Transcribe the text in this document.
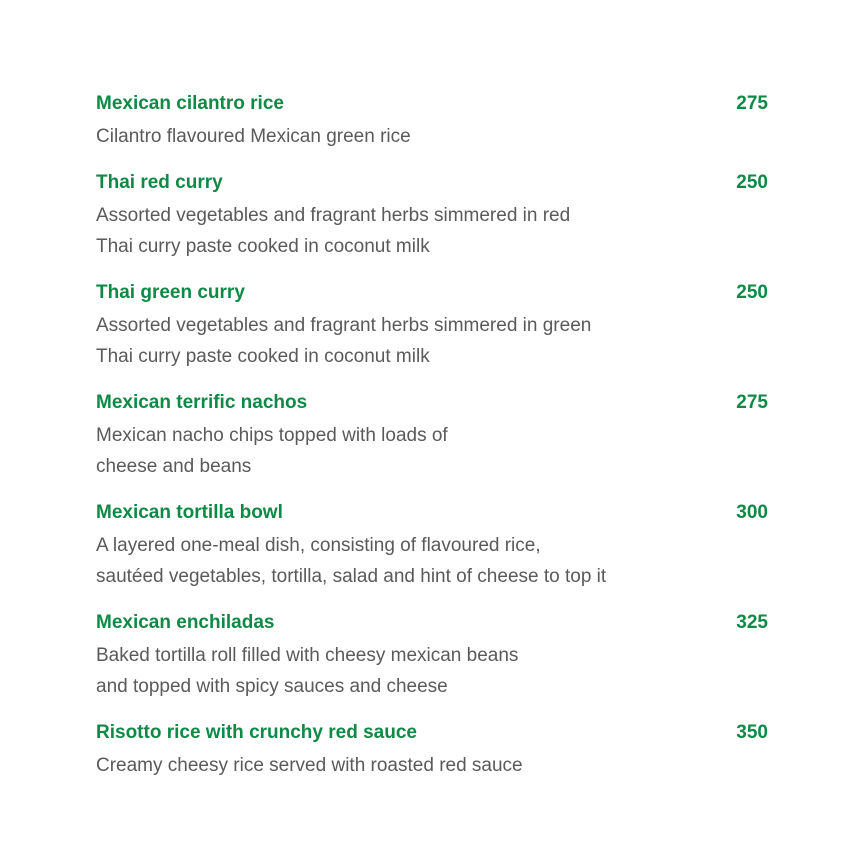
Mexican cilantro rice	275

Cilantro flavoured Mexican green rice

Thai red curry	250

Assorted vegetables and fragrant herbs simmered in red
Thai curry paste cooked in coconut milk

Thai green curry	250

Assorted vegetables and fragrant herbs simmered in green
Thai curry paste cooked in coconut milk

Mexican terrific nachos	275

Mexican nacho chips topped with loads of
cheese and beans

Mexican tortilla bowl	300

A layered one-meal dish, consisting of flavoured rice,
sautéed vegetables, tortilla, salad and hint of cheese to top it

Mexican enchiladas	325

Baked tortilla roll filled with cheesy mexican beans
and topped with spicy sauces and cheese

Risotto rice with crunchy red sauce	350

Creamy cheesy rice served with roasted red sauce
